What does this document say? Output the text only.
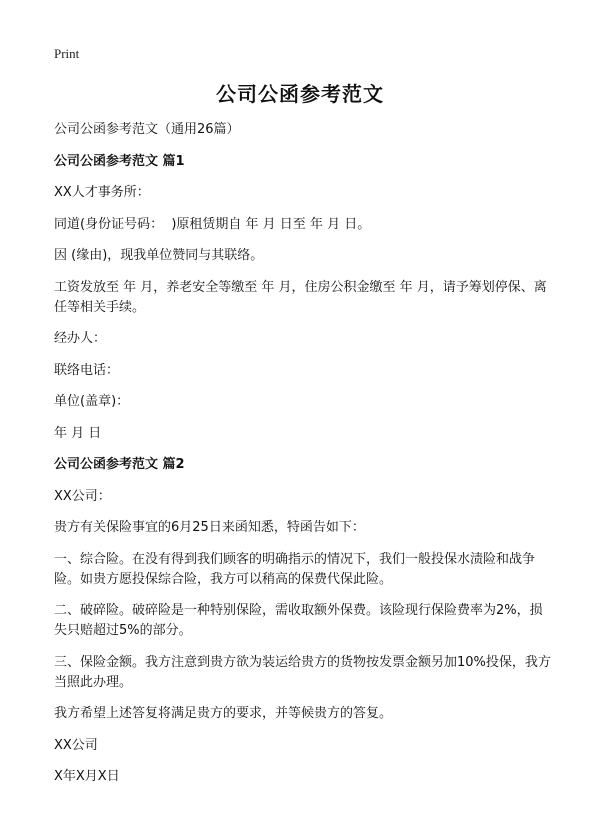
Print
公司公函参考范文
公司公函参考范文（通用26篇）
公司公函参考范文 篇1
XX人才事务所：
同道(身份证号码：  )原租赁期自 年 月 日至 年 月 日。
因 (缘由)，现我单位赞同与其联络。
工资发放至 年 月，养老安全等缴至 年 月，住房公积金缴至 年 月，请予筹划停保、离任等相关手续。
经办人：
联络电话：
单位(盖章)：
年 月 日
公司公函参考范文 篇2
XX公司：
贵方有关保险事宜的6月25日来函知悉，特函告如下：
一、综合险。在没有得到我们顾客的明确指示的情况下，我们一般投保水渍险和战争险。如贵方愿投保综合险，我方可以稍高的保费代保此险。
二、破碎险。破碎险是一种特别保险，需收取额外保费。该险现行保险费率为2%，损失只赔超过5%的部分。
三、保险金额。我方注意到贵方欲为装运给贵方的货物按发票金额另加10%投保，我方当照此办理。
我方希望上述答复将满足贵方的要求，并等候贵方的答复。
XX公司
X年X月X日
